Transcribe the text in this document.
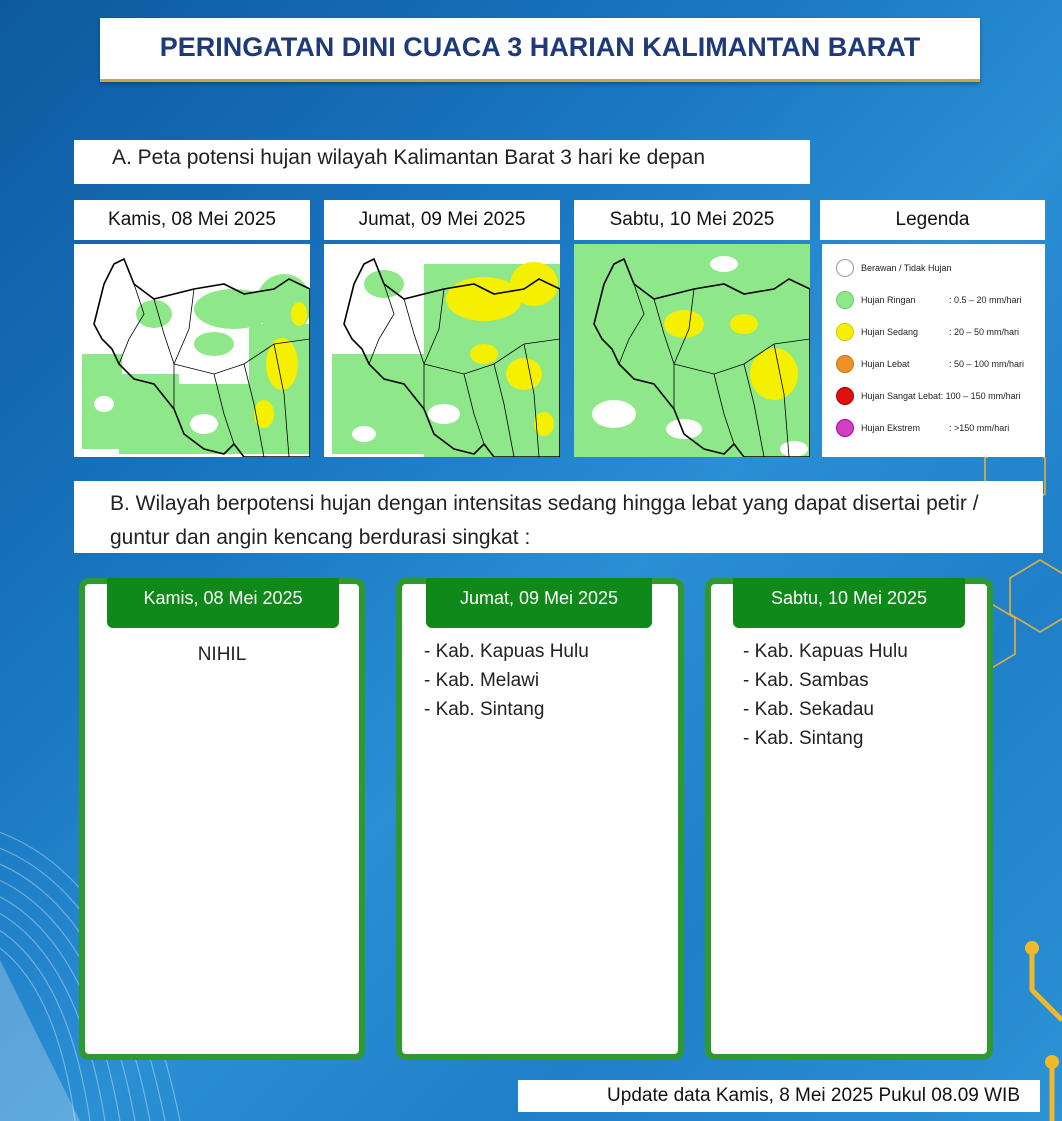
PERINGATAN DINI CUACA 3 HARIAN KALIMANTAN BARAT
A. Peta potensi hujan wilayah Kalimantan Barat 3 hari ke depan
Kamis, 08 Mei 2025	Jumat, 09 Mei 2025	Sabtu, 10 Mei 2025	Legenda
Berawan / Tidak Hujan
Hujan Ringan	: 0.5 – 20 mm/hari
Hujan Sedang	: 20 – 50 mm/hari
Hujan Lebat	: 50 – 100 mm/hari
Hujan Sangat Lebat : 100 – 150 mm/hari
Hujan Ekstrem	: >150 mm/hari
B. Wilayah berpotensi hujan dengan intensitas sedang hingga lebat yang dapat disertai petir / guntur dan angin kencang berdurasi singkat :
Kamis, 08 Mei 2025
NIHIL
Jumat, 09 Mei 2025
- Kab. Kapuas Hulu
- Kab. Melawi
- Kab. Sintang
Sabtu, 10 Mei 2025
- Kab. Kapuas Hulu
- Kab. Sambas
- Kab. Sekadau
- Kab. Sintang
Update data Kamis, 8 Mei 2025 Pukul 08.09 WIB
